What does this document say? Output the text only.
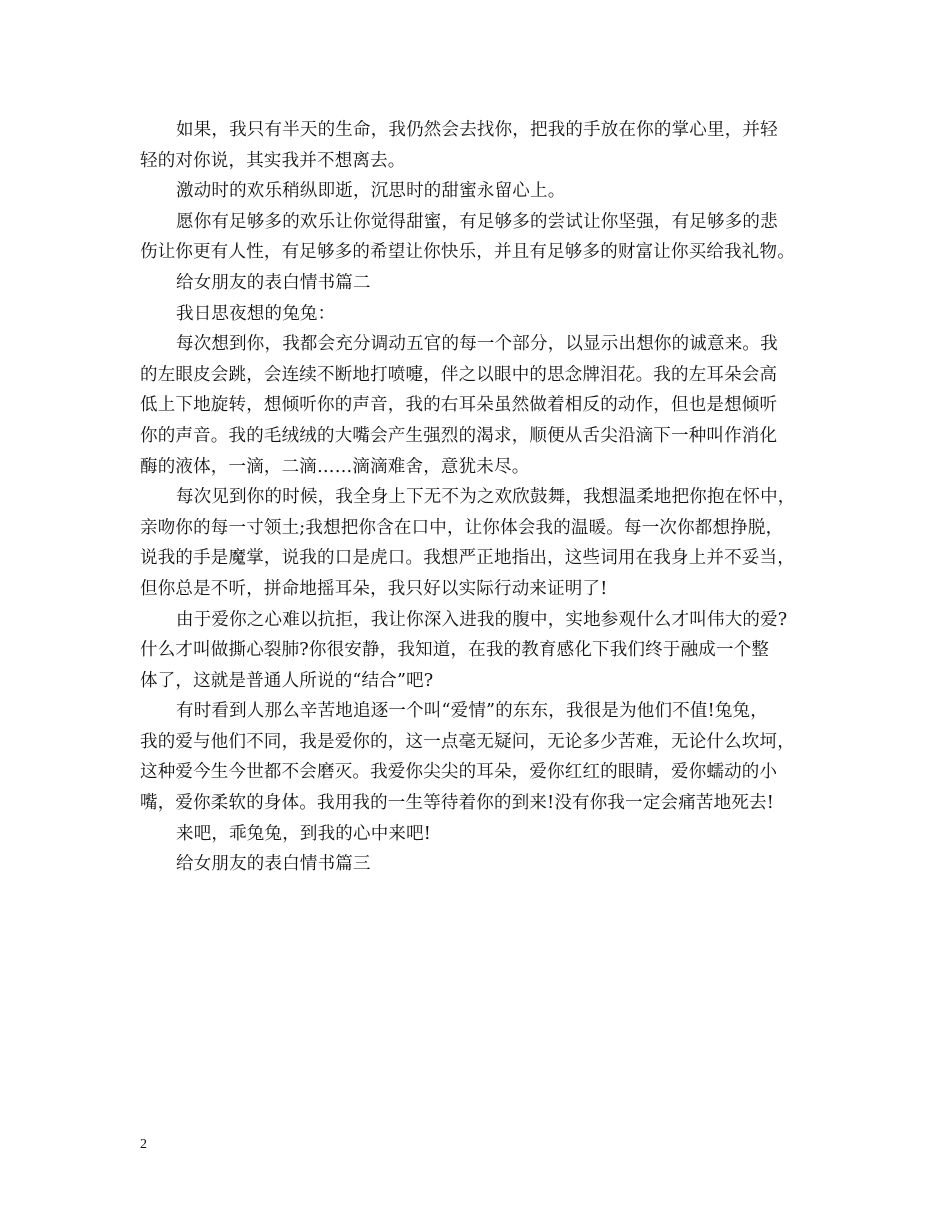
如果，我只有半天的生命，我仍然会去找你，把我的手放在你的掌心里，并轻
轻的对你说，其实我并不想离去。
激动时的欢乐稍纵即逝，沉思时的甜蜜永留心上。
愿你有足够多的欢乐让你觉得甜蜜，有足够多的尝试让你坚强，有足够多的悲
伤让你更有人性，有足够多的希望让你快乐，并且有足够多的财富让你买给我礼物。
给女朋友的表白情书篇二
我日思夜想的兔兔：
每次想到你，我都会充分调动五官的每一个部分，以显示出想你的诚意来。我
的左眼皮会跳，会连续不断地打喷嚏，伴之以眼中的思念牌泪花。我的左耳朵会高
低上下地旋转，想倾听你的声音，我的右耳朵虽然做着相反的动作，但也是想倾听
你的声音。我的毛绒绒的大嘴会产生强烈的渴求，顺便从舌尖沿滴下一种叫作消化
酶的液体，一滴，二滴……滴滴难舍，意犹未尽。
每次见到你的时候，我全身上下无不为之欢欣鼓舞，我想温柔地把你抱在怀中，
亲吻你的每一寸领土;我想把你含在口中，让你体会我的温暖。每一次你都想挣脱，
说我的手是魔掌，说我的口是虎口。我想严正地指出，这些词用在我身上并不妥当，
但你总是不听，拼命地摇耳朵，我只好以实际行动来证明了!
由于爱你之心难以抗拒，我让你深入进我的腹中，实地参观什么才叫伟大的爱?
什么才叫做撕心裂肺?你很安静，我知道，在我的教育感化下我们终于融成一个整
体了，这就是普通人所说的“结合”吧?
有时看到人那么辛苦地追逐一个叫“爱情”的东东，我很是为他们不值!兔兔，
我的爱与他们不同，我是爱你的，这一点毫无疑问，无论多少苦难，无论什么坎坷，
这种爱今生今世都不会磨灭。我爱你尖尖的耳朵，爱你红红的眼睛，爱你蠕动的小
嘴，爱你柔软的身体。我用我的一生等待着你的到来!没有你我一定会痛苦地死去!
来吧，乖兔兔，到我的心中来吧!
给女朋友的表白情书篇三
2
